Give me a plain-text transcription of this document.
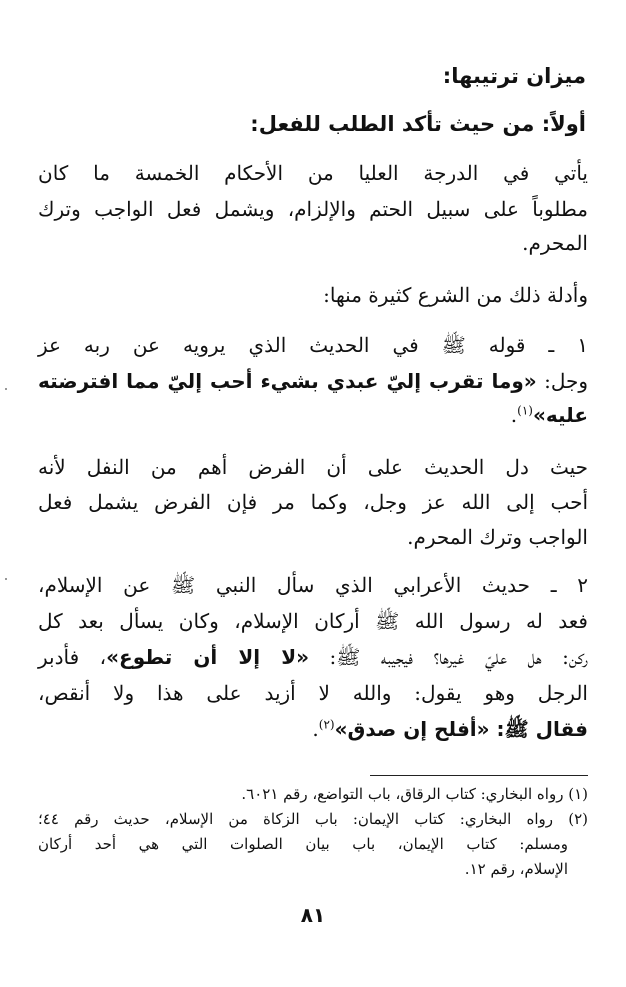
ميزان ترتيبها:
أولاً: من حيث تأكد الطلب للفعل:
يأتي في الدرجة العليا من الأحكام الخمسة ما كان
مطلوباً على سبيل الحتم والإلزام، ويشمل فعل الواجب وترك
المحرم.
وأدلة ذلك من الشرع كثيرة منها:
١ ـ قوله ﷺ في الحديث الذي يرويه عن ربه عز
وجل: «وما تقرب إليّ عبدي بشيء أحب إليّ مما افترضته
عليه»$^{(١)}$.
حيث دل الحديث على أن الفرض أهم من النفل لأنه
أحب إلى الله عز وجل، وكما مر فإن الفرض يشمل فعل
الواجب وترك المحرم.
٢ ـ حديث الأعرابي الذي سأل النبي ﷺ عن الإسلام،
فعد له رسول الله ﷺ أركان الإسلام، وكان يسأل بعد كل
ركن: هل عليّ غيرها؟ فيجيبه ﷺ: «لا إلا أن تطوع»، فأدبر
الرجل وهو يقول: والله لا أزيد على هذا ولا أنقص،
فقال ﷺ: «أفلح إن صدق»$^{(٢)}$.
(١) رواه البخاري: كتاب الرقاق، باب التواضع، رقم ٦٠٢١.
(٢) رواه البخاري: كتاب الإيمان: باب الزكاة من الإسلام، حديث رقم ٤٤؛
ومسلم: كتاب الإيمان، باب بيان الصلوات التي هي أحد أركان
الإسلام، رقم ١٢.
٨١
